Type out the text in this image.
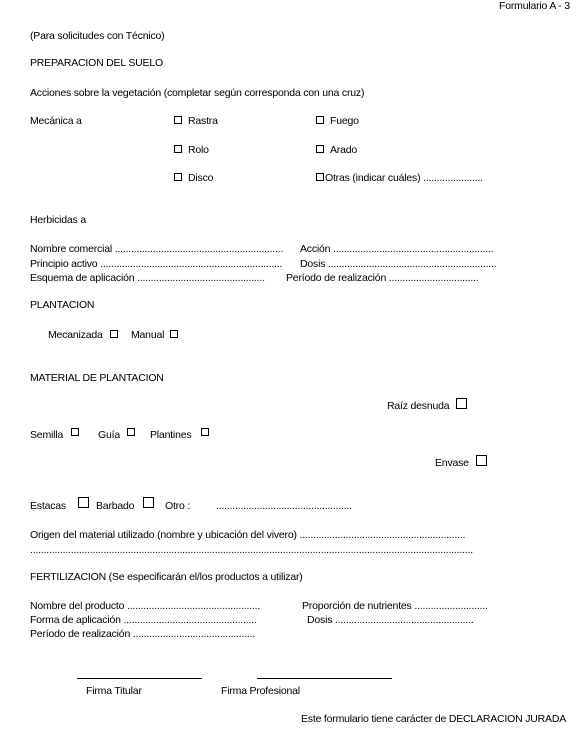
Formulario A - 3
(Para solicitudes con Técnico)
PREPARACION DEL SUELO
Acciones sobre la vegetación (completar según corresponda con una cruz)
Mecánica a	Rastra	Fuego
Rolo	Arado
Disco	Otras (indicar cuáles) ......................
Herbicidas a
Nombre comercial .............................................................. Acción ...........................................................
Principio activo ................................................................... Dosis ..............................................................
Esquema de aplicación ............................................... Período de realización .................................
PLANTACION
Mecanizada	Manual
MATERIAL DE PLANTACION
Raíz desnuda
Semilla	Guía	Plantines
Envase
Estacas	Barbado	Otro : ..................................................
Origen del material utilizado (nombre y ubicación del vivero) .............................................................
...................................................................................................................................................................
FERTILIZACION (Se especificarán el/los productos a utilizar)
Nombre del producto .................................................	Proporción de nutrientes ...........................
Forma de aplicación .................................................	Dosis ...................................................
Período de realización .............................................
Firma Titular	Firma Profesional
Este formulario tiene carácter de DECLARACION JURADA
